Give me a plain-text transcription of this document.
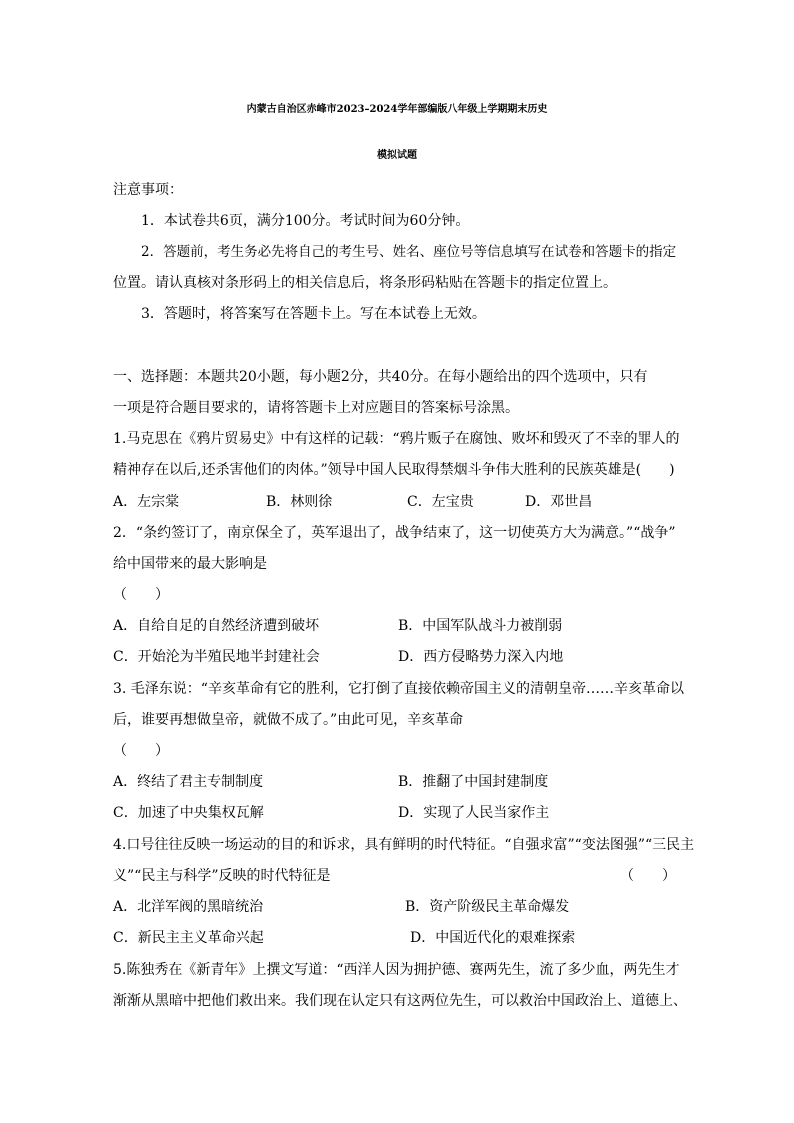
内蒙古自治区赤峰市2023–2024学年部编版八年级上学期期末历史
模拟试题
注意事项：
1．本试卷共6页，满分100分。考试时间为60分钟。
2．答题前，考生务必先将自己的考生号、姓名、座位号等信息填写在试卷和答题卡的指定
位置。请认真核对条形码上的相关信息后，将条形码粘贴在答题卡的指定位置上。
3．答题时，将答案写在答题卡上。写在本试卷上无效。
一、选择题：本题共20小题，每小题2分，共40分。在每小题给出的四个选项中，只有
一项是符合题目要求的，请将答题卡上对应题目的答案标号涂黑。
1.马克思在《鸦片贸易史》中有这样的记载：“鸦片贩子在腐蚀、败坏和毁灭了不幸的罪人的
精神存在以后,还杀害他们的肉体。”领导中国人民取得禁烟斗争伟大胜利的民族英雄是(　　)
A．左宗棠	B．林则徐	C．左宝贵	D．邓世昌
2．“条约签订了，南京保全了，英军退出了，战争结束了，这一切使英方大为满意。”“战争”
给中国带来的最大影响是
（　　）
A．自给自足的自然经济遭到破坏	B．中国军队战斗力被削弱
C．开始沦为半殖民地半封建社会	D．西方侵略势力深入内地
3. 毛泽东说：“辛亥革命有它的胜利，它打倒了直接依赖帝国主义的清朝皇帝……辛亥革命以
后，谁要再想做皇帝，就做不成了。”由此可见，辛亥革命
（　　）
A．终结了君主专制制度	B．推翻了中国封建制度
C．加速了中央集权瓦解	D．实现了人民当家作主
4.口号往往反映一场运动的目的和诉求，具有鲜明的时代特征。“自强求富”“变法图强”“三民主
义”“民主与科学”反映的时代特征是	（　　）
A．北洋军阀的黑暗统治	B．资产阶级民主革命爆发
C．新民主主义革命兴起	D．中国近代化的艰难探索
5.陈独秀在《新青年》上撰文写道：“西洋人因为拥护德、赛两先生，流了多少血，两先生才
渐渐从黑暗中把他们救出来。我们现在认定只有这两位先生，可以救治中国政治上、道德上、
